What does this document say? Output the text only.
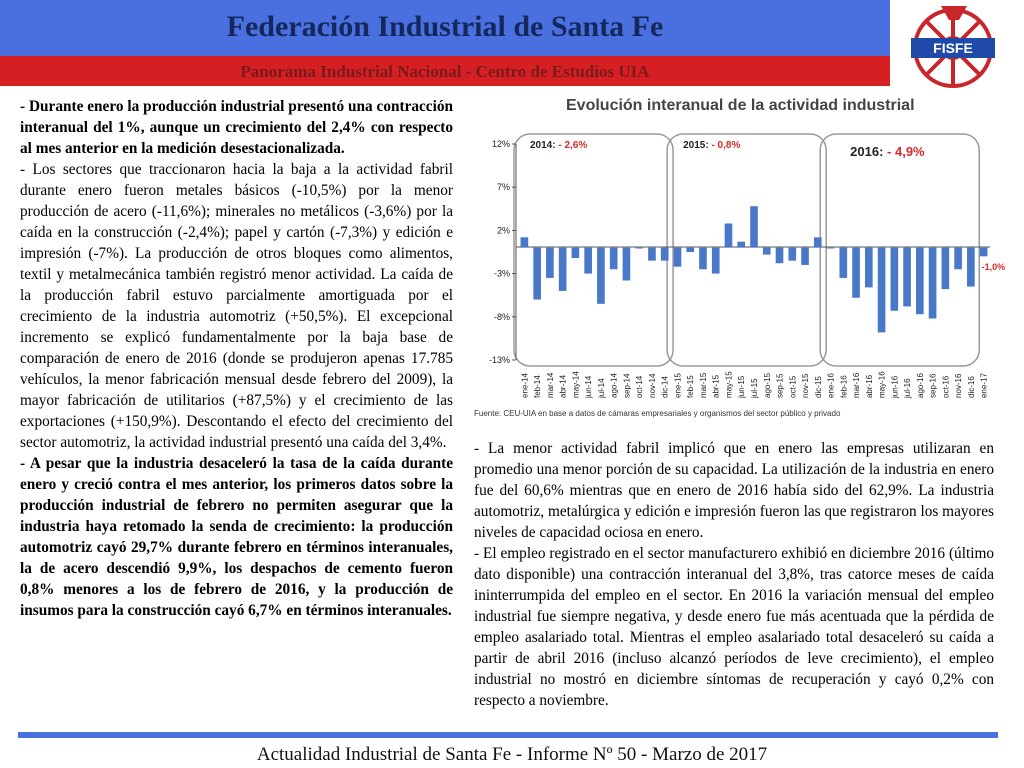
Federación Industrial de Santa Fe
Panorama Industrial Nacional - Centro de Estudios UIA
FISFE

- Durante enero la producción industrial presentó una contracción interanual del 1%, aunque un crecimiento del 2,4% con respecto al mes anterior en la medición desestacionalizada.

- Los sectores que traccionaron hacia la baja a la actividad fabril durante enero fueron metales básicos (-10,5%) por la menor producción de acero (-11,6%); minerales no metálicos (-3,6%) por la caída en la construcción (-2,4%); papel y cartón (-7,3%) y edición e impresión (-7%). La producción de otros bloques como alimentos, textil y metalmecánica también registró menor actividad. La caída de la producción fabril estuvo parcialmente amortiguada por el crecimiento de la industria automotriz (+50,5%). El excepcional incremento se explicó fundamentalmente por la baja base de comparación de enero de 2016 (donde se produjeron apenas 17.785 vehículos, la menor fabricación mensual desde febrero del 2009), la mayor fabricación de utilitarios (+87,5%) y el crecimiento de las exportaciones (+150,9%). Descontando el efecto del crecimiento del sector automotriz, la actividad industrial presentó una caída del 3,4%.

- A pesar que la industria desaceleró la tasa de la caída durante enero y creció contra el mes anterior, los primeros datos sobre la producción industrial de febrero no permiten asegurar que la industria haya retomado la senda de crecimiento: la producción automotriz cayó 29,7% durante febrero en términos interanuales, la de acero descendió 9,9%, los despachos de cemento fueron 0,8% menores a los de febrero de 2016, y la producción de insumos para la construcción cayó 6,7% en términos interanuales.

Evolución interanual de la actividad industrial
12%
7%
2%
-3%
-8%
-13%
ene-14 feb-14 mar-14 abr-14 may-14 jun-14 jul-14 ago-14 sep-14 oct-14 nov-14 dic-14 ene-15 feb-15 mar-15 abr-15 may-15 jun-15 jul-15 ago-15 sep-15 oct-15 nov-15 dic-15 ene-16 feb-16 mar-16 abr-16 may-16 jun-16 jul-16 ago-16 sep-16 oct-16 nov-16 dic-16 ene-17
2014: - 2,6%	2015: - 0,8%	2016: - 4,9%
-1,0%
Fuente: CEU-UIA en base a datos de cámaras empresariales y organismos del sector público y privado

- La menor actividad fabril implicó que en enero las empresas utilizaran en promedio una menor porción de su capacidad. La utilización de la industria en enero fue del 60,6% mientras que en enero de 2016 había sido del 62,9%. La industria automotriz, metalúrgica y edición e impresión fueron las que registraron los mayores niveles de capacidad ociosa en enero.

- El empleo registrado en el sector manufacturero exhibió en diciembre 2016 (último dato disponible) una contracción interanual del 3,8%, tras catorce meses de caída ininterrumpida del empleo en el sector. En 2016 la variación mensual del empleo industrial fue siempre negativa, y desde enero fue más acentuada que la pérdida de empleo asalariado total. Mientras el empleo asalariado total desaceleró su caída a partir de abril 2016 (incluso alcanzó períodos de leve crecimiento), el empleo industrial no mostró en diciembre síntomas de recuperación y cayó 0,2% con respecto a noviembre.

Actualidad Industrial de Santa Fe - Informe Nº 50 - Marzo de 2017
